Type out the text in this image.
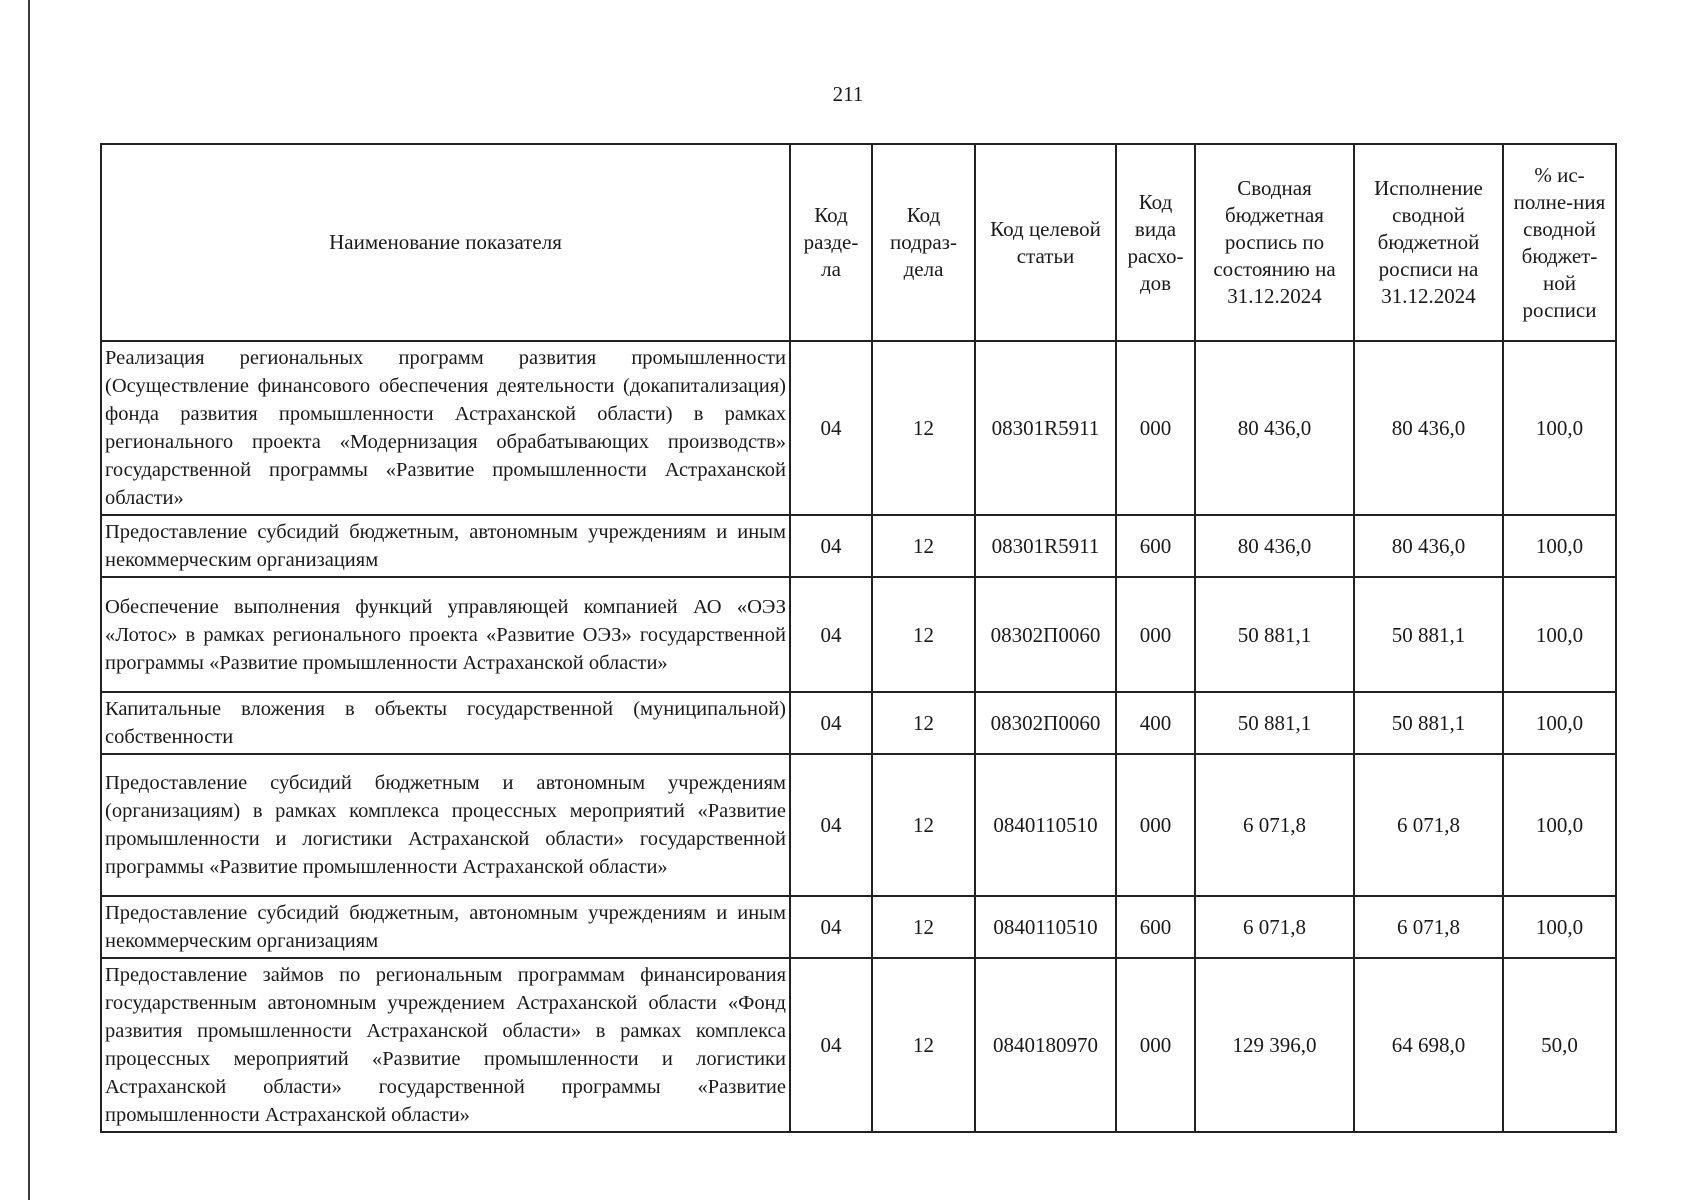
211
Наименование показателя	Код разде-ла	Код подраз-дела	Код целевой статьи	Код вида расхо-дов	Сводная бюджетная роспись по состоянию на 31.12.2024	Исполнение сводной бюджетной росписи на 31.12.2024	% ис-полне-ния сводной бюджет-ной росписи
Реализация региональных программ развития промышленности (Осуществление финансового обеспечения деятельности (докапитализация) фонда развития промышленности Астраханской области) в рамках регионального проекта «Модернизация обрабатывающих производств» государственной программы «Развитие промышленности Астраханской области»	04	12	08301R5911	000	80 436,0	80 436,0	100,0
Предоставление субсидий бюджетным, автономным учреждениям и иным некоммерческим организациям	04	12	08301R5911	600	80 436,0	80 436,0	100,0
Обеспечение выполнения функций управляющей компанией АО «ОЭЗ «Лотос» в рамках регионального проекта «Развитие ОЭЗ» государственной программы «Развитие промышленности Астраханской области»	04	12	08302П0060	000	50 881,1	50 881,1	100,0
Капитальные вложения в объекты государственной (муниципальной) собственности	04	12	08302П0060	400	50 881,1	50 881,1	100,0
Предоставление субсидий бюджетным и автономным учреждениям (организациям) в рамках комплекса процессных мероприятий «Развитие промышленности и логистики Астраханской области» государственной программы «Развитие промышленности Астраханской области»	04	12	0840110510	000	6 071,8	6 071,8	100,0
Предоставление субсидий бюджетным, автономным учреждениям и иным некоммерческим организациям	04	12	0840110510	600	6 071,8	6 071,8	100,0
Предоставление займов по региональным программам финансирования государственным автономным учреждением Астраханской области «Фонд развития промышленности Астраханской области» в рамках комплекса процессных мероприятий «Развитие промышленности и логистики Астраханской области» государственной программы «Развитие промышленности Астраханской области»	04	12	0840180970	000	129 396,0	64 698,0	50,0
